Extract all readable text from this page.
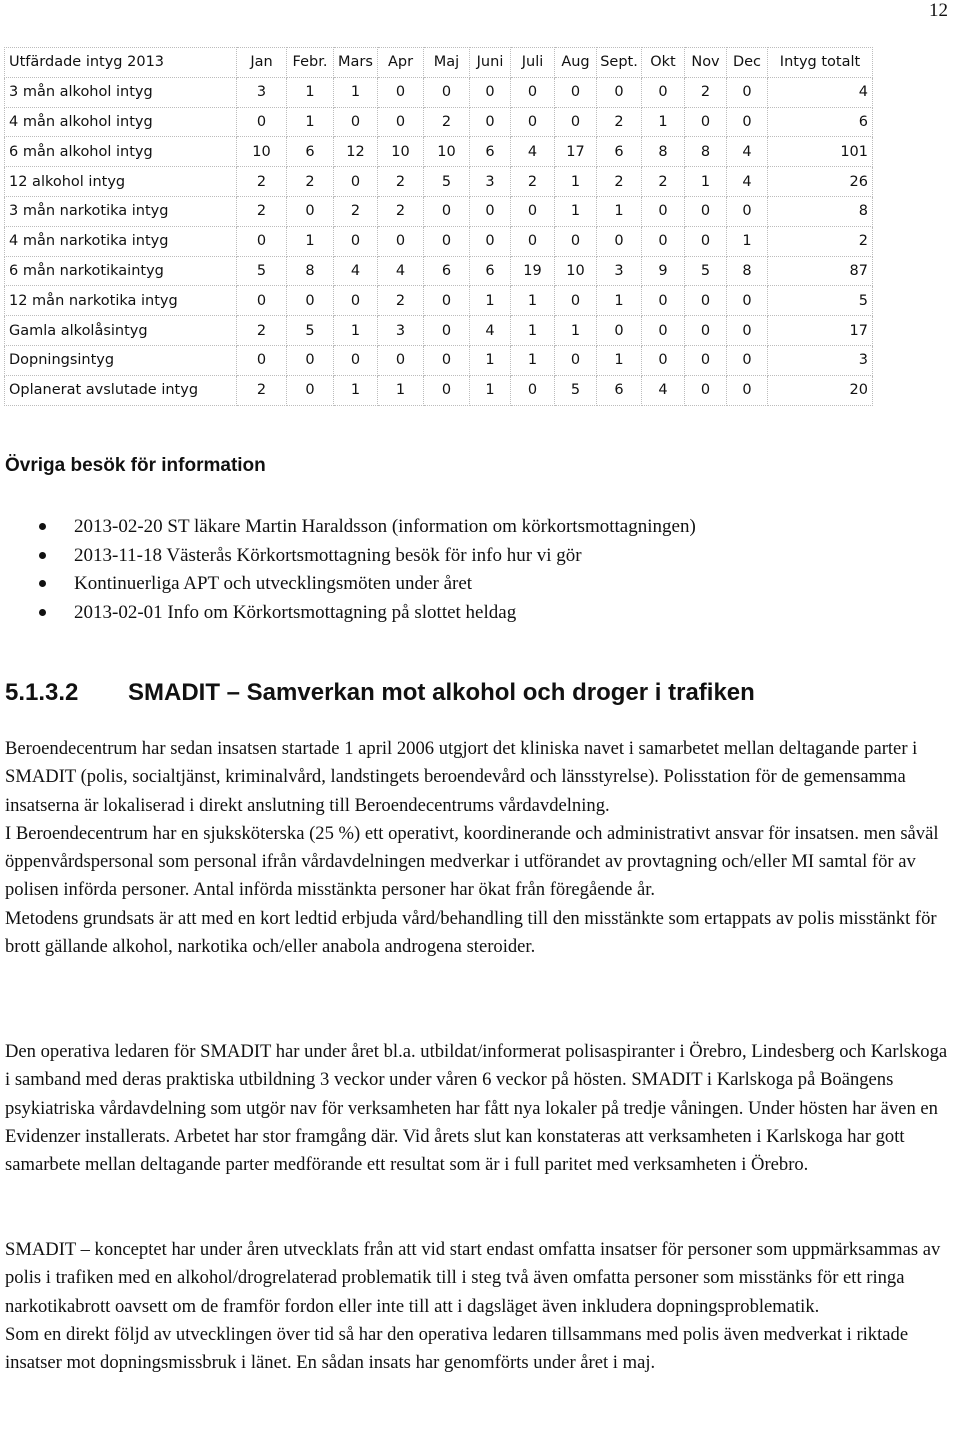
12
Utfärdade intyg 2013	Jan	Febr.	Mars	Apr	Maj	Juni	Juli	Aug	Sept.	Okt	Nov	Dec	Intyg totalt
3 mån alkohol intyg	3	1	1	0	0	0	0	0	0	0	2	0	4
4 mån alkohol intyg	0	1	0	0	2	0	0	0	2	1	0	0	6
6 mån alkohol intyg	10	6	12	10	10	6	4	17	6	8	8	4	101
12 alkohol intyg	2	2	0	2	5	3	2	1	2	2	1	4	26
3 mån narkotika intyg	2	0	2	2	0	0	0	1	1	0	0	0	8
4 mån narkotika intyg	0	1	0	0	0	0	0	0	0	0	0	1	2
6 mån narkotikaintyg	5	8	4	4	6	6	19	10	3	9	5	8	87
12 mån narkotika intyg	0	0	0	2	0	1	1	0	1	0	0	0	5
Gamla alkolåsintyg	2	5	1	3	0	4	1	1	0	0	0	0	17
Dopningsintyg	0	0	0	0	0	1	1	0	1	0	0	0	3
Oplanerat avslutade intyg	2	0	1	1	0	1	0	5	6	4	0	0	20
Övriga besök för information
2013-02-20 ST läkare Martin Haraldsson (information om körkortsmottagningen)
2013-11-18 Västerås Körkortsmottagning besök för info hur vi gör
Kontinuerliga APT och utvecklingsmöten under året
2013-02-01 Info om Körkortsmottagning på slottet heldag
5.1.3.2 SMADIT – Samverkan mot alkohol och droger i trafiken

Beroendecentrum har sedan insatsen startade 1 april 2006 utgjort det kliniska navet i samarbetet mellan deltagande parter i SMADIT (polis, socialtjänst, kriminalvård, landstingets beroendevård och länsstyrelse). Polisstation för de gemensamma insatserna är lokaliserad i direkt anslutning till Beroendecentrums vårdavdelning.

I Beroendecentrum har en sjuksköterska (25 %) ett operativt, koordinerande och administrativt ansvar för insatsen. men såväl öppenvårdspersonal som personal ifrån vårdavdelningen medverkar i utförandet av provtagning och/eller MI samtal för av polisen införda personer. Antal införda misstänkta personer har ökat från föregående år.

Metodens grundsats är att med en kort ledtid erbjuda vård/behandling till den misstänkte som ertappats av polis misstänkt för brott gällande alkohol, narkotika och/eller anabola androgena steroider.

Den operativa ledaren för SMADIT har under året bl.a. utbildat/informerat polisaspiranter i Örebro, Lindesberg och Karlskoga i samband med deras praktiska utbildning 3 veckor under våren 6 veckor på hösten. SMADIT i Karlskoga på Boängens psykiatriska vårdavdelning som utgör nav för verksamheten har fått nya lokaler på tredje våningen. Under hösten har även en Evidenzer installerats. Arbetet har stor framgång där. Vid årets slut kan konstateras att verksamheten i Karlskoga har gott samarbete mellan deltagande parter medförande ett resultat som är i full paritet med verksamheten i Örebro.

SMADIT – konceptet har under åren utvecklats från att vid start endast omfatta insatser för personer som uppmärksammas av polis i trafiken med en alkohol/drogrelaterad problematik till i steg två även omfatta personer som misstänks för ett ringa narkotikabrott oavsett om de framför fordon eller inte till att i dagsläget även inkludera dopningsproblematik.

Som en direkt följd av utvecklingen över tid så har den operativa ledaren tillsammans med polis även medverkat i riktade insatser mot dopningsmissbruk i länet. En sådan insats har genomförts under året i maj.
